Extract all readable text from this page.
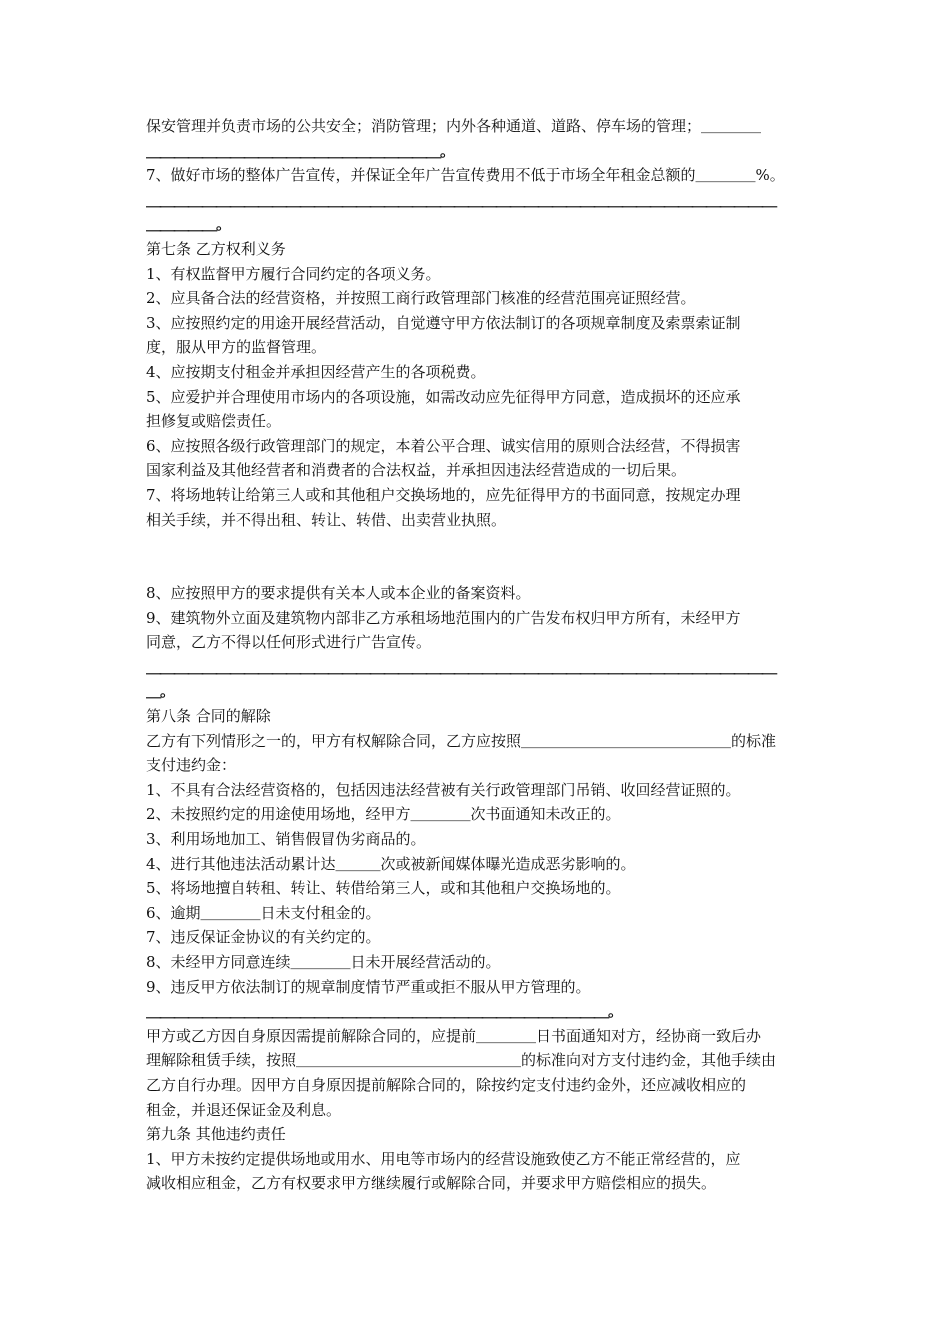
保安管理并负责市场的公共安全；消防管理；内外各种通道、道路、停车场的管理；＿＿＿＿
＿＿＿＿＿＿＿＿＿＿＿＿＿＿＿＿＿＿＿＿＿。
7、做好市场的整体广告宣传，并保证全年广告宣传费用不低于市场全年租金总额的＿＿＿＿%。
＿＿＿＿＿＿＿＿＿＿＿＿＿＿＿＿＿＿＿＿＿＿＿＿＿＿＿＿＿＿＿＿＿＿＿＿＿＿＿＿＿＿＿＿＿
＿＿＿＿＿。
第七条 乙方权利义务
1、有权监督甲方履行合同约定的各项义务。
2、应具备合法的经营资格，并按照工商行政管理部门核准的经营范围亮证照经营。
3、应按照约定的用途开展经营活动，自觉遵守甲方依法制订的各项规章制度及索票索证制
度，服从甲方的监督管理。
4、应按期支付租金并承担因经营产生的各项税费。
5、应爱护并合理使用市场内的各项设施，如需改动应先征得甲方同意，造成损坏的还应承
担修复或赔偿责任。
6、应按照各级行政管理部门的规定，本着公平合理、诚实信用的原则合法经营，不得损害
国家利益及其他经营者和消费者的合法权益，并承担因违法经营造成的一切后果。
7、将场地转让给第三人或和其他租户交换场地的，应先征得甲方的书面同意，按规定办理
相关手续，并不得出租、转让、转借、出卖营业执照。
8、应按照甲方的要求提供有关本人或本企业的备案资料。
9、建筑物外立面及建筑物内部非乙方承租场地范围内的广告发布权归甲方所有，未经甲方
同意，乙方不得以任何形式进行广告宣传。
＿＿＿＿＿＿＿＿＿＿＿＿＿＿＿＿＿＿＿＿＿＿＿＿＿＿＿＿＿＿＿＿＿＿＿＿＿＿＿＿＿＿＿＿＿
＿。
第八条 合同的解除
乙方有下列情形之一的，甲方有权解除合同，乙方应按照＿＿＿＿＿＿＿＿＿＿＿＿＿＿的标准
支付违约金：
1、不具有合法经营资格的，包括因违法经营被有关行政管理部门吊销、收回经营证照的。
2、未按照约定的用途使用场地，经甲方＿＿＿＿次书面通知未改正的。
3、利用场地加工、销售假冒伪劣商品的。
4、进行其他违法活动累计达＿＿＿次或被新闻媒体曝光造成恶劣影响的。
5、将场地擅自转租、转让、转借给第三人，或和其他租户交换场地的。
6、逾期＿＿＿＿日未支付租金的。
7、违反保证金协议的有关约定的。
8、未经甲方同意连续＿＿＿＿日未开展经营活动的。
9、违反甲方依法制订的规章制度情节严重或拒不服从甲方管理的。
＿＿＿＿＿＿＿＿＿＿＿＿＿＿＿＿＿＿＿＿＿＿＿＿＿＿＿＿＿＿＿＿＿。
甲方或乙方因自身原因需提前解除合同的，应提前＿＿＿＿日书面通知对方，经协商一致后办
理解除租赁手续，按照＿＿＿＿＿＿＿＿＿＿＿＿＿＿＿的标准向对方支付违约金，其他手续由
乙方自行办理。因甲方自身原因提前解除合同的，除按约定支付违约金外，还应减收相应的
租金，并退还保证金及利息。
第九条 其他违约责任
1、甲方未按约定提供场地或用水、用电等市场内的经营设施致使乙方不能正常经营的，应
减收相应租金，乙方有权要求甲方继续履行或解除合同，并要求甲方赔偿相应的损失。
